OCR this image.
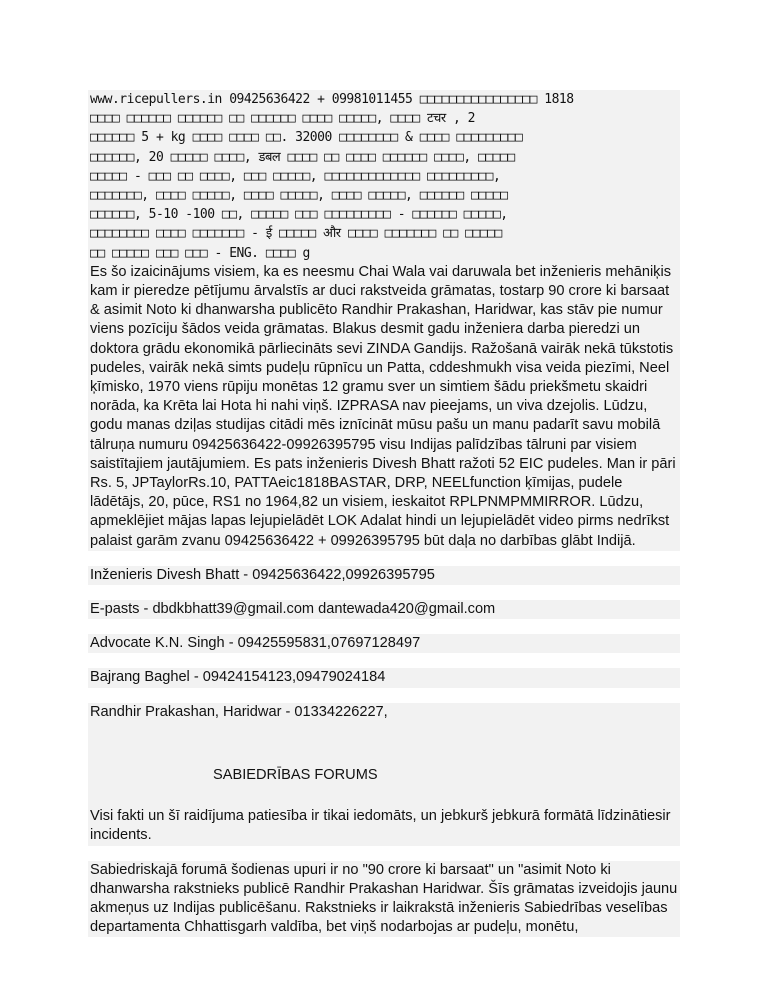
www.ricepullers.in 09425636422 + 09981011455 □□□□□□□□□□□□□□□□ 1818
□□□□ □□□□□□ □□□□□□ □□ □□□□□□ □□□□ □□□□□, □□□□ टचर , 2
□□□□□□ 5 + kg □□□□ □□□□ □□. 32000 □□□□□□□□ & □□□□ □□□□□□□□□
□□□□□□, 20 □□□□□ □□□□, डबल □□□□ □□ □□□□ □□□□□□ □□□□, □□□□□
□□□□□ - □□□ □□ □□□□, □□□ □□□□□, □□□□□□□□□□□□□ □□□□□□□□□,
□□□□□□□, □□□□ □□□□□, □□□□ □□□□□, □□□□ □□□□□, □□□□□□ □□□□□
□□□□□□, 5-10 -100 □□, □□□□□ □□□ □□□□□□□□□ - □□□□□□ □□□□□,
□□□□□□□□ □□□□ □□□□□□□ - ई □□□□□ और □□□□ □□□□□□□ □□ □□□□□
□□ □□□□□ □□□ □□□ - ENG. □□□□ g

Es šo izaicinājums visiem, ka es neesmu Chai Wala vai daruwala bet inženieris mehāniķis kam ir pieredze pētījumu ārvalstīs ar duci rakstveida grāmatas, tostarp 90 crore ki barsaat & asimit Noto ki dhanwarsha publicēto Randhir Prakashan, Haridwar, kas stāv pie numur viens pozīciju šādos veida grāmatas. Blakus desmit gadu inženiera darba pieredzi un doktora grādu ekonomikā pārliecināts sevi ZINDA Gandijs. Ražošanā vairāk nekā tūkstotis pudeles, vairāk nekā simts pudeļu rūpnīcu un Patta, cddeshmukh visa veida piezīmi, Neel ķīmisko, 1970 viens rūpiju monētas 12 gramu sver un simtiem šādu priekšmetu skaidri norāda, ka Krēta lai Hota hi nahi viņš. IZPRASA nav pieejams, un viva dzejolis. Lūdzu, godu manas dziļas studijas citādi mēs iznīcināt mūsu pašu un manu padarīt savu mobilā tālruņa numuru 09425636422-09926395795 visu Indijas palīdzības tālruni par visiem saistītajiem jautājumiem. Es pats inženieris Divesh Bhatt ražoti 52 EIC pudeles. Man ir pāri Rs. 5, JPTaylorRs.10, PATTAeic1818BASTAR, DRP, NEELfunction ķīmijas, pudele lādētājs, 20, pūce, RS1 no 1964,82 un visiem, ieskaitot RPLPNMPMMIRROR. Lūdzu, apmeklējiet mājas lapas lejupielādēt LOK Adalat hindi un lejupielādēt video pirms nedrīkst palaist garām zvanu 09425636422 + 09926395795 būt daļa no darbības glābt Indijā.

Inženieris Divesh Bhatt - 09425636422,09926395795

E-pasts - dbdkbhatt39@gmail.com dantewada420@gmail.com

Advocate K.N. Singh - 09425595831,07697128497

Bajrang Baghel - 09424154123,09479024184

Randhir Prakashan, Haridwar - 01334226227,

SABIEDRĪBAS FORUMS

Visi fakti un šī raidījuma patiesība ir tikai iedomāts, un jebkurš jebkurā formātā līdzinātiesir incidents.

Sabiedriskajā forumā šodienas upuri ir no "90 crore ki barsaat" un "asimit Noto ki dhanwarsha rakstnieks publicē Randhir Prakashan Haridwar. Šīs grāmatas izveidojis jaunu akmeņus uz Indijas publicēšanu. Rakstnieks ir laikrakstā inženieris Sabiedrības veselības departamenta Chhattisgarh valdība, bet viņš nodarbojas ar pudeļu, monētu,
